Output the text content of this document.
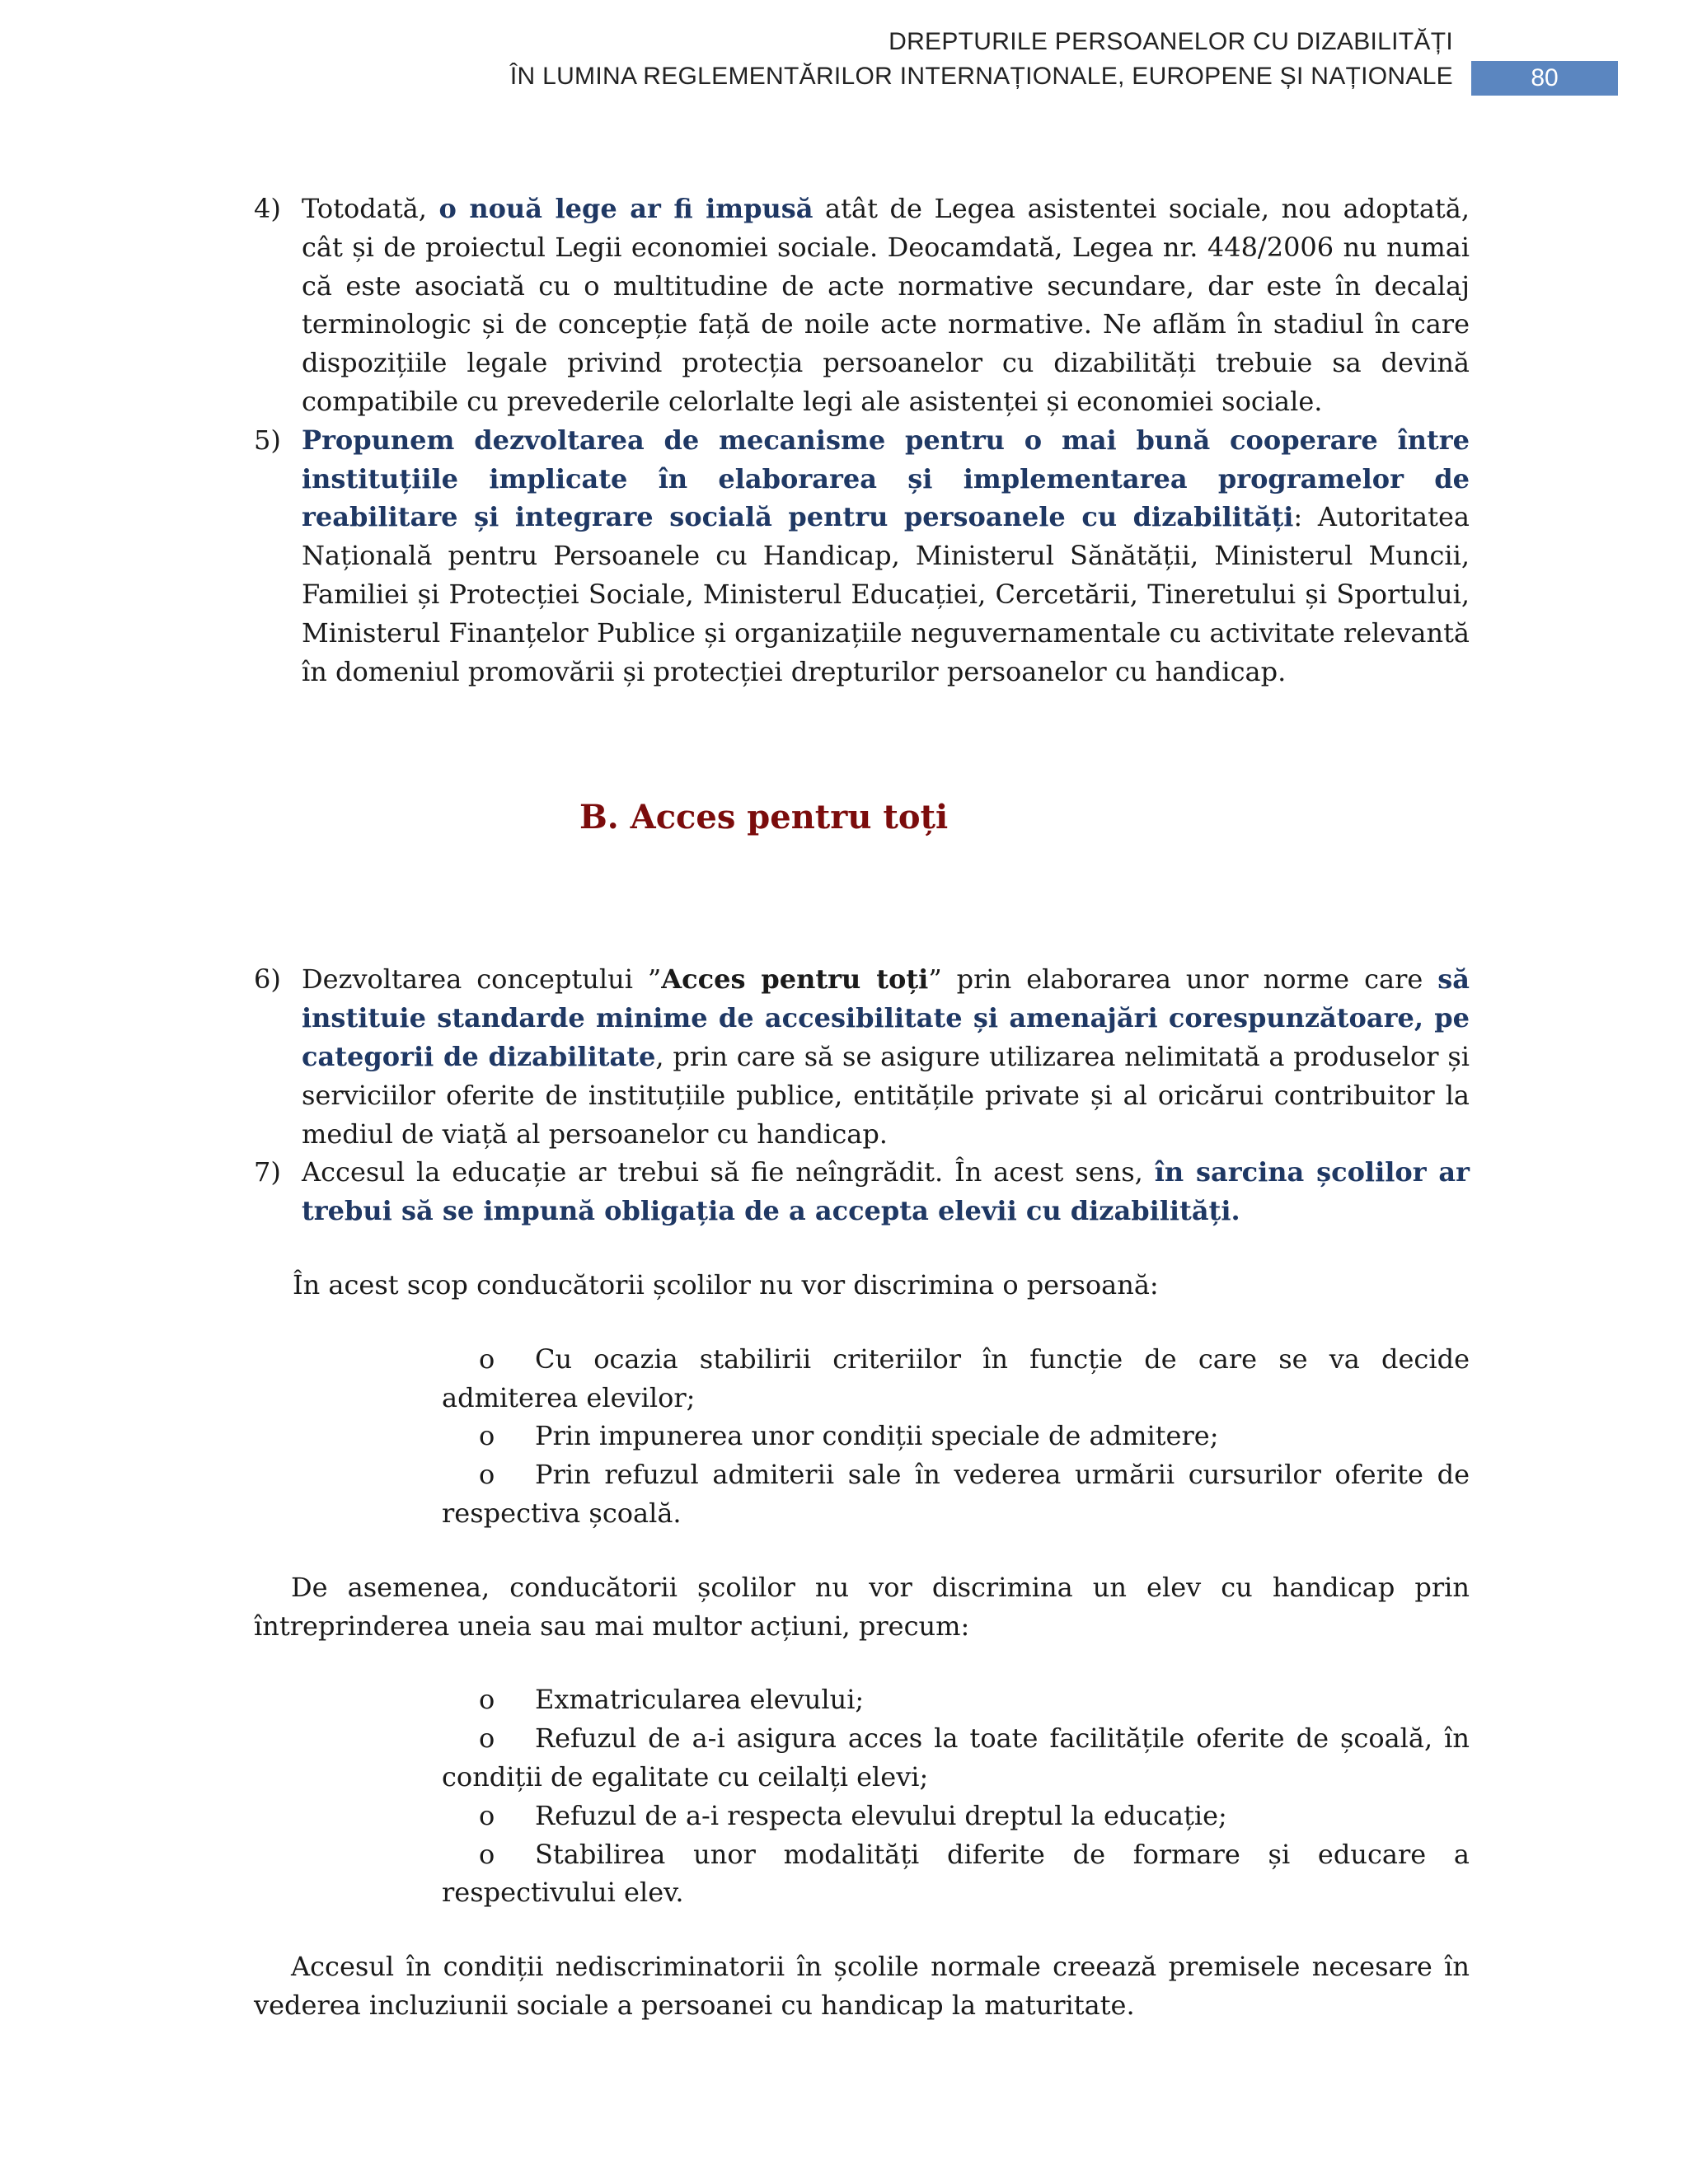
DREPTURILE PERSOANELOR CU DIZABILITĂȚI
ÎN LUMINA REGLEMENTĂRILOR INTERNAȚIONALE, EUROPENE ȘI NAȚIONALE	80

4) Totodată, o nouă lege ar fi impusă atât de Legea asistentei sociale, nou adoptată, cât și de proiectul Legii economiei sociale. Deocamdată, Legea nr. 448/2006 nu numai că este asociată cu o multitudine de acte normative secundare, dar este în decalaj terminologic și de concepție față de noile acte normative. Ne aflăm în stadiul în care dispozițiile legale privind protecția persoanelor cu dizabilități trebuie sa devină compatibile cu prevederile celorlalte legi ale asistenței și economiei sociale.

5) Propunem dezvoltarea de mecanisme pentru o mai bună cooperare între instituțiile implicate în elaborarea și implementarea programelor de reabilitare și integrare socială pentru persoanele cu dizabilități: Autoritatea Națională pentru Persoanele cu Handicap, Ministerul Sănătății, Ministerul Muncii, Familiei și Protecției Sociale, Ministerul Educației, Cercetării, Tineretului și Sportului, Ministerul Finanțelor Publice și organizațiile neguvernamentale cu activitate relevantă în domeniul promovării și protecției drepturilor persoanelor cu handicap.

B. Acces pentru toți

6) Dezvoltarea conceptului ”Acces pentru toți” prin elaborarea unor norme care să instituie standarde minime de accesibilitate și amenajări corespunzătoare, pe categorii de dizabilitate, prin care să se asigure utilizarea nelimitată a produselor și serviciilor oferite de instituțiile publice, entitățile private și al oricărui contribuitor la mediul de viață al persoanelor cu handicap.

7) Accesul la educație ar trebui să fie neîngrădit. În acest sens, în sarcina școlilor ar trebui să se impună obligația de a accepta elevii cu dizabilități.

În acest scop conducătorii școlilor nu vor discrimina o persoană:

o	Cu ocazia stabilirii criteriilor în funcție de care se va decide admiterea elevilor;

o	Prin impunerea unor condiții speciale de admitere;

o	Prin refuzul admiterii sale în vederea urmării cursurilor oferite de respectiva școală.

De asemenea, conducătorii școlilor nu vor discrimina un elev cu handicap prin întreprinderea uneia sau mai multor acțiuni, precum:

o	Exmatricularea elevului;

o	Refuzul de a-i asigura acces la toate facilitățile oferite de școală, în condiții de egalitate cu ceilalți elevi;

o	Refuzul de a-i respecta elevului dreptul la educație;

o	Stabilirea unor modalități diferite de formare și educare a respectivului elev.

Accesul în condiții nediscriminatorii în școlile normale creează premisele necesare în vederea incluziunii sociale a persoanei cu handicap la maturitate.
